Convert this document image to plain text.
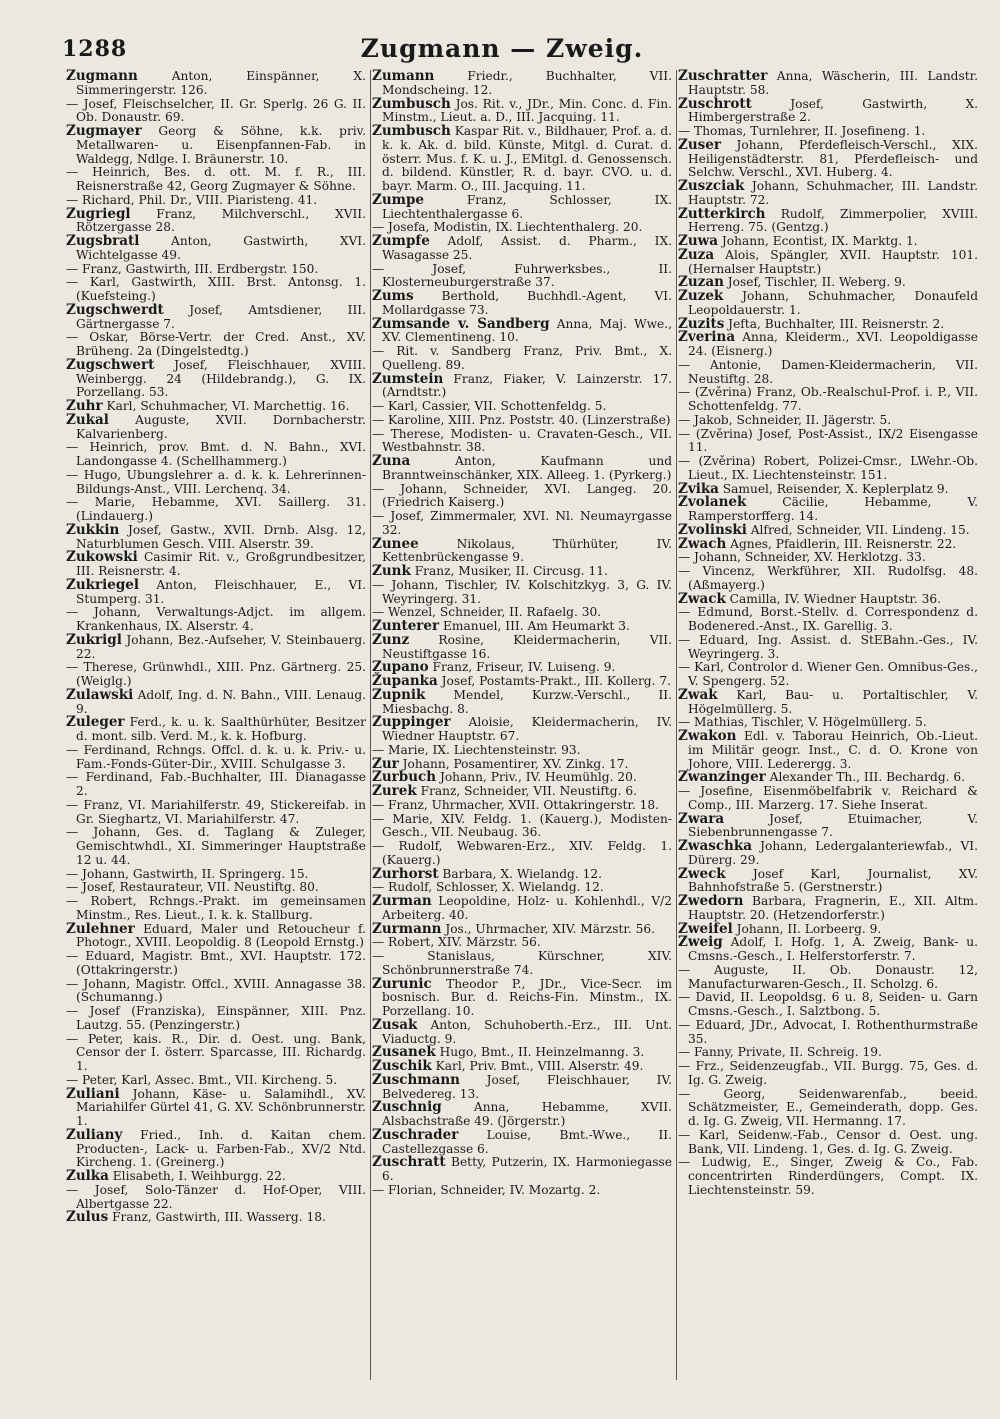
1288	Zugmann — Zweig.
Zugmann Anton, Einspänner, X. Simmeringerstr. 126.
— Josef, Fleischselcher, II. Gr. Sperlg. 26 G. II. Ob. Donaustr. 69.
Zugmayer Georg & Söhne, k.k. priv. Metallwaren- u. Eisenpfannen-Fab. in Waldegg, Ndlge. I. Bräunerstr. 10.
— Heinrich, Bes. d. ott. M. f. R., III. Reisnerstraße 42, Georg Zugmayer & Söhne.
— Richard, Phil. Dr., VIII. Piaristeng. 41.
Zugriegl Franz, Milchverschl., XVII. Rötzergasse 28.
Zugsbratl Anton, Gastwirth, XVI. Wichtelgasse 49.
— Franz, Gastwirth, III. Erdbergstr. 150.
— Karl, Gastwirth, XIII. Brst. Antonsg. 1. (Kuefsteing.)
Zugschwerdt Josef, Amtsdiener, III. Gärtnergasse 7.
— Oskar, Börse-Vertr. der Cred. Anst., XV. Brüheng. 2a (Dingelstedtg.)
Zugschwert Josef, Fleischhauer, XVIII. Weinbergg. 24 (Hildebrandg.), G. IX. Porzellang. 53.
Zuhr Karl, Schuhmacher, VI. Marchettig. 16.
Zukal Auguste, XVII. Dornbacherstr. Kalvarienberg.
— Heinrich, prov. Bmt. d. N. Bahn., XVI. Landongasse 4. (Schellhammerg.)
— Hugo, Ubungslehrer a. d. k. k. Lehrerinnen-Bildungs-Anst., VIII. Lerchenq. 34.
— Marie, Hebamme, XVI. Saillerg. 31. (Lindauerg.)
Zukkin Josef, Gastw., XVII. Drnb. Alsg. 12, Naturblumen Gesch. VIII. Alserstr. 39.
Zukowski Casimir Rit. v., Großgrundbesitzer, III. Reisnerstr. 4.
Zukriegel Anton, Fleischhauer, E., VI. Stumperg. 31.
— Johann, Verwaltungs-Adjct. im allgem. Krankenhaus, IX. Alserstr. 4.
Zukrigl Johann, Bez.-Aufseher, V. Steinbauerg. 22.
— Therese, Grünwhdl., XIII. Pnz. Gärtnerg. 25. (Weiglg.)
Zulawski Adolf, Ing. d. N. Bahn., VIII. Lenaug. 9.
Zuleger Ferd., k. u. k. Saalthürhüter, Besitzer d. mont. silb. Verd. M., k. k. Hofburg.
— Ferdinand, Rchngs. Offcl. d. k. u. k. Priv.- u. Fam.-Fonds-Güter-Dir., XVIII. Schulgasse 3.
— Ferdinand, Fab.-Buchhalter, III. Dianagasse 2.
— Franz, VI. Mariahilferstr. 49, Stickereifab. in Gr. Sieghartz, VI. Mariahilferstr. 47.
— Johann, Ges. d. Taglang & Zuleger, Gemischtwhdl., XI. Simmeringer Hauptstraße 12 u. 44.
— Johann, Gastwirth, II. Springerg. 15.
— Josef, Restaurateur, VII. Neustiftg. 80.
— Robert, Rchngs.-Prakt. im gemeinsamen Minstm., Res. Lieut., I. k. k. Stallburg.
Zulehner Eduard, Maler und Retoucheur f. Photogr., XVIII. Leopoldig. 8 (Leopold Ernstg.)
— Eduard, Magistr. Bmt., XVI. Hauptstr. 172. (Ottakringerstr.)
— Johann, Magistr. Offcl., XVIII. Annagasse 38. (Schumanng.)
— Josef (Franziska), Einspänner, XIII. Pnz. Lautzg. 55. (Penzingerstr.)
— Peter, kais. R., Dir. d. Oest. ung. Bank, Censor der I. österr. Sparcasse, III. Richardg. 1.
— Peter, Karl, Assec. Bmt., VII. Kircheng. 5.
Zuliani Johann, Käse- u. Salamihdl., XV. Mariahilfer Gürtel 41, G. XV. Schönbrunnerstr. 1.
Zuliany Fried., Inh. d. Kaitan chem. Producten-, Lack- u. Farben-Fab., XV/2 Ntd. Kircheng. 1. (Greinerg.)
Zulka Elisabeth, I. Weihburgg. 22.
— Josef, Solo-Tänzer d. Hof-Oper, VIII. Albertgasse 22.
Zulus Franz, Gastwirth, III. Wasserg. 18.
Zumann Friedr., Buchhalter, VII. Mondscheing. 12.
Zumbusch Jos. Rit. v., JDr., Min. Conc. d. Fin. Minstm., Lieut. a. D., III. Jacquing. 11.
Zumbusch Kaspar Rit. v., Bildhauer, Prof. a. d. k. k. Ak. d. bild. Künste, Mitgl. d. Curat. d. österr. Mus. f. K. u. J., EMitgl. d. Genossensch. d. bildend. Künstler, R. d. bayr. CVO. u. d. bayr. Marm. O., III. Jacquing. 11.
Zumpe Franz, Schlosser, IX. Liechtenthalergasse 6.
— Josefa, Modistin, IX. Liechtenthalerg. 20.
Zumpfe Adolf, Assist. d. Pharm., IX. Wasagasse 25.
— Josef, Fuhrwerksbes., II. Klosterneuburgerstraße 37.
Zums Berthold, Buchhdl.-Agent, VI. Mollardgasse 73.
Zumsande v. Sandberg Anna, Maj. Wwe., XV. Clementineng. 10.
— Rit. v. Sandberg Franz, Priv. Bmt., X. Quelleng. 89.
Zumstein Franz, Fiaker, V. Lainzerstr. 17. (Arndtstr.)
— Karl, Cassier, VII. Schottenfeldg. 5.
— Karoline, XIII. Pnz. Poststr. 40. (Linzerstraße)
— Therese, Modisten- u. Cravaten-Gesch., VII. Westbahnstr. 38.
Zuna Anton, Kaufmann und Branntweinschänker, XIX. Alleeg. 1. (Pyrkerg.)
— Johann, Schneider, XVI. Langeg. 20. (Friedrich Kaiserg.)
— Josef, Zimmermaler, XVI. Nl. Neumayrgasse 32.
Zunee Nikolaus, Thürhüter, IV. Kettenbrückengasse 9.
Zunk Franz, Musiker, II. Circusg. 11.
— Johann, Tischler, IV. Kolschitzkyg. 3, G. IV. Weyringerg. 31.
— Wenzel, Schneider, II. Rafaelg. 30.
Zunterer Emanuel, III. Am Heumarkt 3.
Zunz Rosine, Kleidermacherin, VII. Neustiftgasse 16.
Zupano Franz, Friseur, IV. Luiseng. 9.
Županka Josef, Postamts-Prakt., III. Kollerg. 7.
Zupnik Mendel, Kurzw.-Verschl., II. Miesbachg. 8.
Zuppinger Aloisie, Kleidermacherin, IV. Wiedner Hauptstr. 67.
— Marie, IX. Liechtensteinstr. 93.
Zur Johann, Posamentirer, XV. Zinkg. 17.
Zurbuch Johann, Priv., IV. Heumühlg. 20.
Zurek Franz, Schneider, VII. Neustiftg. 6.
— Franz, Uhrmacher, XVII. Ottakringerstr. 18.
— Marie, XIV. Feldg. 1. (Kauerg.), Modisten-Gesch., VII. Neubaug. 36.
— Rudolf, Webwaren-Erz., XIV. Feldg. 1. (Kauerg.)
Zurhorst Barbara, X. Wielandg. 12.
— Rudolf, Schlosser, X. Wielandg. 12.
Zurman Leopoldine, Holz- u. Kohlenhdl., V/2 Arbeiterg. 40.
Zurmann Jos., Uhrmacher, XIV. Märzstr. 56.
— Robert, XIV. Märzstr. 56.
— Stanislaus, Kürschner, XIV. Schönbrunnerstraße 74.
Zurunic Theodor P., JDr., Vice-Secr. im bosnisch. Bur. d. Reichs-Fin. Minstm., IX. Porzellang. 10.
Zusak Anton, Schuhoberth.-Erz., III. Unt. Viaductg. 9.
Zusanek Hugo, Bmt., II. Heinzelmanng. 3.
Zuschik Karl, Priv. Bmt., VIII. Alserstr. 49.
Zuschmann Josef, Fleischhauer, IV. Belvedereg. 13.
Zuschnig Anna, Hebamme, XVII. Alsbachstraße 49. (Jörgerstr.)
Zuschrader Louise, Bmt.-Wwe., II. Castellezgasse 6.
Zuschratt Betty, Putzerin, IX. Harmoniegasse 6.
— Florian, Schneider, IV. Mozartg. 2.
Zuschratter Anna, Wäscherin, III. Landstr. Hauptstr. 58.
Zuschrott Josef, Gastwirth, X. Himbergerstraße 2.
— Thomas, Turnlehrer, II. Josefineng. 1.
Zuser Johann, Pferdefleisch-Verschl., XIX. Heiligenstädterstr. 81, Pferdefleisch- und Selchw. Verschl., XVI. Huberg. 4.
Zuszciak Johann, Schuhmacher, III. Landstr. Hauptstr. 72.
Zutterkirch Rudolf, Zimmerpolier, XVIII. Herreng. 75. (Gentzg.)
Zuwa Johann, Econtist, IX. Marktg. 1.
Zuza Alois, Spängler, XVII. Hauptstr. 101. (Hernalser Hauptstr.)
Zuzan Josef, Tischler, II. Weberg. 9.
Zuzek Johann, Schuhmacher, Donaufeld Leopoldauerstr. 1.
Zuzits Jefta, Buchhalter, III. Reisnerstr. 2.
Zverina Anna, Kleiderm., XVI. Leopoldigasse 24. (Eisnerg.)
— Antonie, Damen-Kleidermacherin, VII. Neustiftg. 28.
— (Zvěrina) Franz, Ob.-Realschul-Prof. i. P., VII. Schottenfeldg. 77.
— Jakob, Schneider, II. Jägerstr. 5.
— (Zvěrina) Josef, Post-Assist., IX/2 Eisengasse 11.
— (Zvěrina) Robert, Polizei-Cmsr., LWehr.-Ob. Lieut., IX. Liechtensteinstr. 151.
Zvika Samuel, Reisender, X. Keplerplatz 9.
Zvolanek Cäcilie, Hebamme, V. Ramperstorfferg. 14.
Zvolinski Alfred, Schneider, VII. Lindeng. 15.
Zwach Agnes, Pfaidlerin, III. Reisnerstr. 22.
— Johann, Schneider, XV. Herklotzg. 33.
— Vincenz, Werkführer, XII. Rudolfsg. 48. (Aßmayerg.)
Zwack Camilla, IV. Wiedner Hauptstr. 36.
— Edmund, Borst.-Stellv. d. Correspondenz d. Bodenered.-Anst., IX. Garellig. 3.
— Eduard, Ing. Assist. d. StEBahn.-Ges., IV. Weyringerg. 3.
— Karl, Controlor d. Wiener Gen. Omnibus-Ges., V. Spengerg. 52.
Zwak Karl, Bau- u. Portaltischler, V. Högelmüllerg. 5.
— Mathias, Tischler, V. Högelmüllerg. 5.
Zwakon Edl. v. Taborau Heinrich, Ob.-Lieut. im Militär geogr. Inst., C. d. O. Krone von Johore, VIII. Lederergg. 3.
Zwanzinger Alexander Th., III. Bechardg. 6.
— Josefine, Eisenmöbelfabrik v. Reichard & Comp., III. Marzerg. 17. Siehe Inserat.
Zwara Josef, Etuimacher, V. Siebenbrunnengasse 7.
Zwaschka Johann, Ledergalanteriewfab., VI. Dürerg. 29.
Zweck Josef Karl, Journalist, XV. Bahnhofstraße 5. (Gerstnerstr.)
Zwedorn Barbara, Fragnerin, E., XII. Altm. Hauptstr. 20. (Hetzendorferstr.)
Zweifel Johann, II. Lorbeerg. 9.
Zweig Adolf, I. Hofg. 1, A. Zweig, Bank- u. Cmsns.-Gesch., I. Helferstorferstr. 7.
— Auguste, II. Ob. Donaustr. 12, Manufacturwaren-Gesch., II. Scholzg. 6.
— David, II. Leopoldsg. 6 u. 8, Seiden- u. Garn Cmsns.-Gesch., I. Salztbong. 5.
— Eduard, JDr., Advocat, I. Rothenthurmstraße 35.
— Fanny, Private, II. Schreig. 19.
— Frz., Seidenzeugfab., VII. Burgg. 75, Ges. d. Ig. G. Zweig.
— Georg, Seidenwarenfab., beeid. Schätzmeister, E., Gemeinderath, dopp. Ges. d. Ig. G. Zweig, VII. Hermanng. 17.
— Karl, Seidenw.-Fab., Censor d. Oest. ung. Bank, VII. Lindeng. 1, Ges. d. Ig. G. Zweig.
— Ludwig, E., Singer, Zweig & Co., Fab. concentrirten Rinderdüngers, Compt. IX. Liechtensteinstr. 59.
